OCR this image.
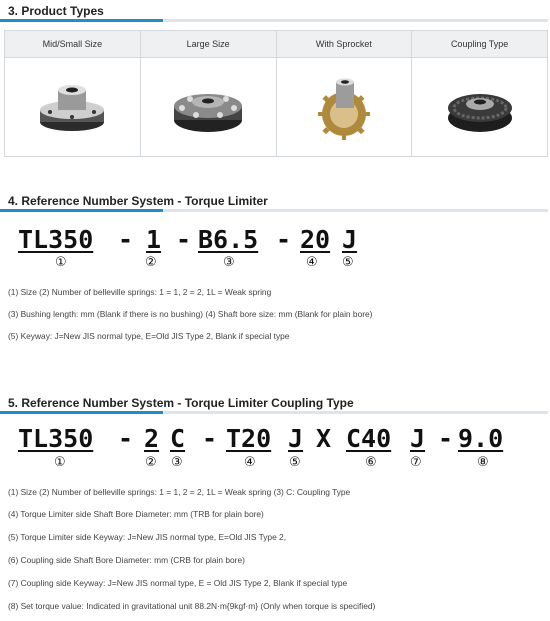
3. Product Types
Mid/Small Size	Large Size	With Sprocket	Coupling Type

4. Reference Number System - Torque Limiter
TL350 - 1 - B6.5 - 20 J
①	②	③	④ ⑤
(1) Size (2) Number of belleville springs: 1 = 1, 2 = 2, 1L = Weak spring
(3) Bushing length: mm (Blank if there is no bushing) (4) Shaft bore size: mm (Blank for plain bore)
(5) Keyway: J=New JIS normal type, E=Old JIS Type 2, Blank if special type
5. Reference Number System - Torque Limiter Coupling Type
TL350 - 2 C - T20 J X C40 J - 9.0
①	② ③	④	⑤	⑥	⑦	⑧
(1) Size (2) Number of belleville springs: 1 = 1, 2 = 2, 1L = Weak spring (3) C: Coupling Type
(4) Torque Limiter side Shaft Bore Diameter: mm (TRB for plain bore)
(5) Torque Limiter side Keyway: J=New JIS normal type, E=Old JIS Type 2,
(6) Coupling side Shaft Bore Diameter: mm (CRB for plain bore)
(7) Coupling side Keyway: J=New JIS normal type, E = Old JIS Type 2, Blank if special type
(8) Set torque value: Indicated in gravitational unit 88.2N·m{9kgf·m} (Only when torque is specified)
